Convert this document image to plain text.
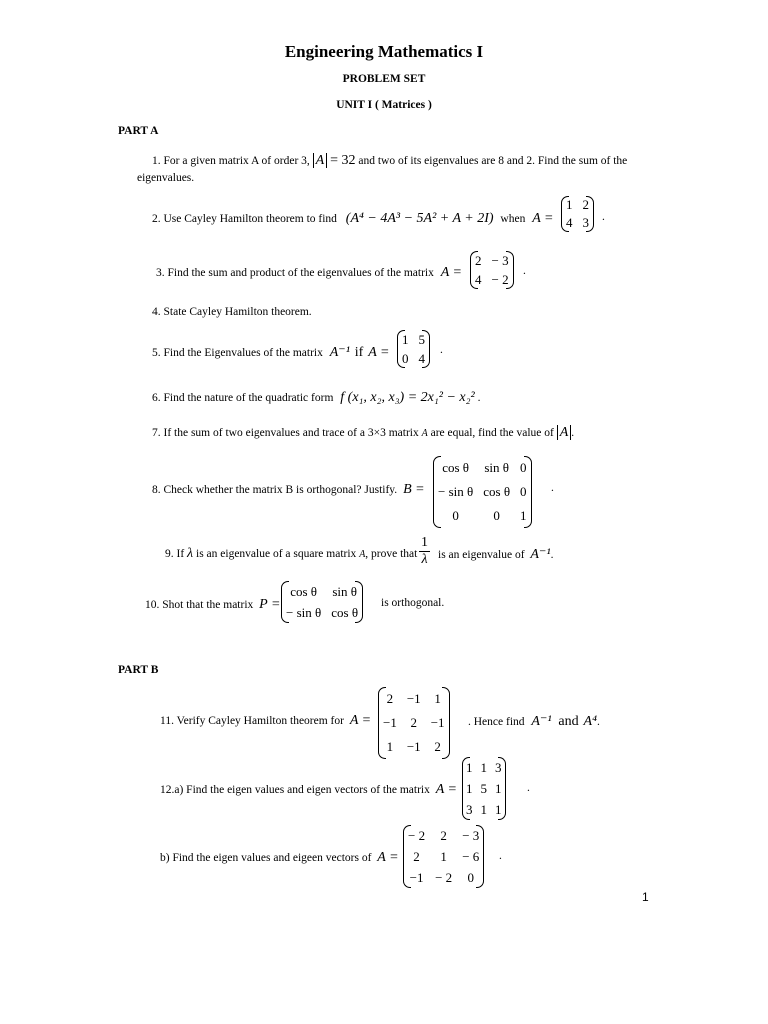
Engineering Mathematics I
PROBLEM SET
UNIT I ( Matrices )
PART A
1. For a given matrix A of order 3, A = 32 and two of its eigenvalues are 8 and 2. Find the sum of the
eigenvalues.
2. Use Cayley Hamilton theorem to find (A⁴ − 4A³ − 5A² + A + 2I) when A =
1	2
4	3 .
3. Find the sum and product of the eigenvalues of the matrix A =
2	− 3
4	− 2
.
4. State Cayley Hamilton theorem.
5. Find the Eigenvalues of the matrix A⁻¹ if A =
1	5
0	4
.
6. Find the nature of the quadratic form f (x₁, x₂, x₃) = 2x₁² − x₂² .
7. If the sum of two eigenvalues and trace of a 3×3 matrix A are equal, find the value of A .
8. Check whether the matrix B is orthogonal? Justify. B =
cos θ	sin θ	0
− sin θ	cos θ	0
0	0	1
.
9. If λ is an eigenvalue of a square matrix A, prove that $\frac{1}{\lambda}$ is an eigenvalue of A⁻¹.
10. Shot that the matrix P =
cos θ	sin θ
− sin θ	cos θ
is orthogonal.
PART B
11. Verify Cayley Hamilton theorem for A =
2	−1	1
−1	2	−1
1	−1	2
. Hence find A⁻¹ and A⁴.
12.a) Find the eigen values and eigen vectors of the matrix A =
1	1	3
1	5	1
3	1	1
.
b) Find the eigen values and eigeen vectors of A =
− 2	2	− 3
2	1	− 6
−1	− 2	0
.
1
